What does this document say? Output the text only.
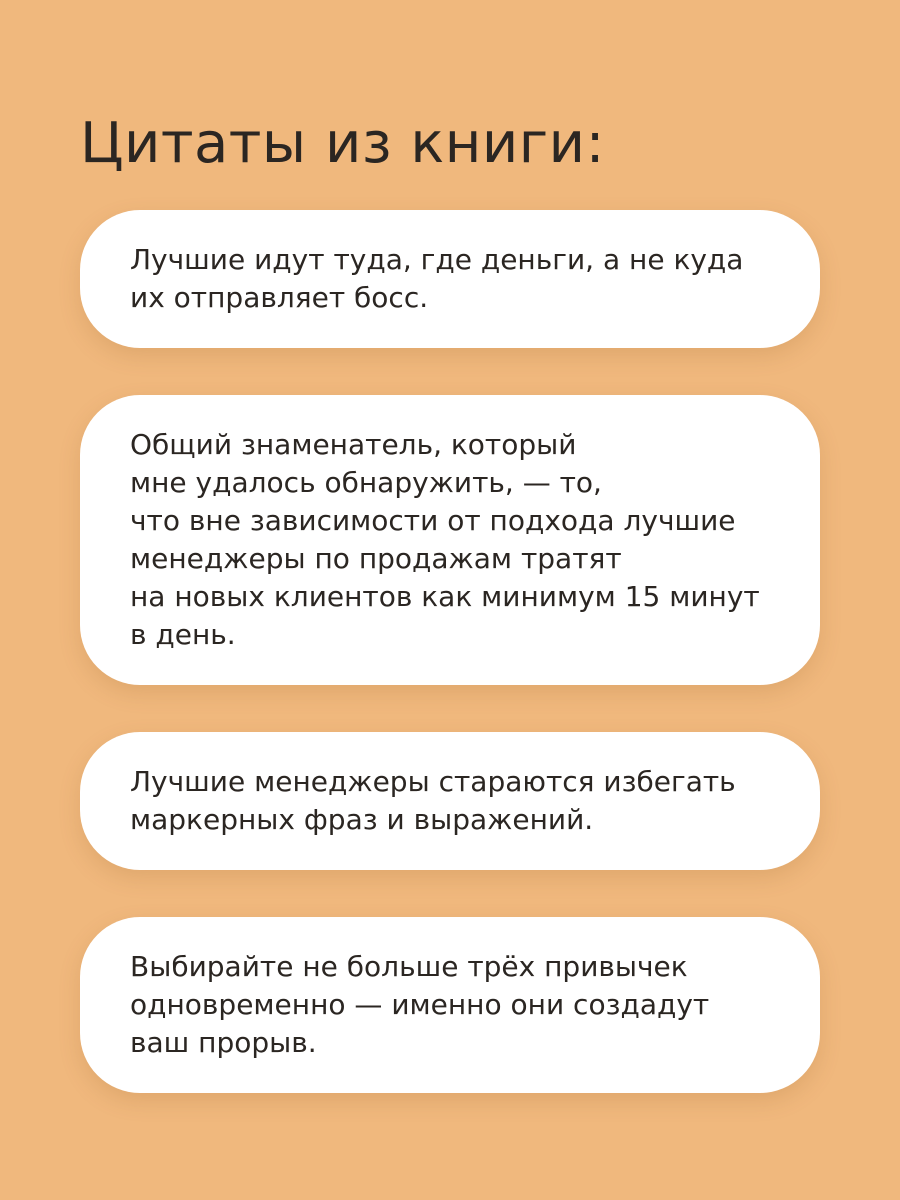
Цитаты из книги:

Лучшие идут туда, где деньги, а не куда
их отправляет босс.

Общий знаменатель, который
мне удалось обнаружить, — то,
что вне зависимости от подхода лучшие
менеджеры по продажам тратят
на новых клиентов как минимум 15 минут
в день.

Лучшие менеджеры стараются избегать
маркерных фраз и выражений.

Выбирайте не больше трёх привычек
одновременно — именно они создадут
ваш прорыв.
